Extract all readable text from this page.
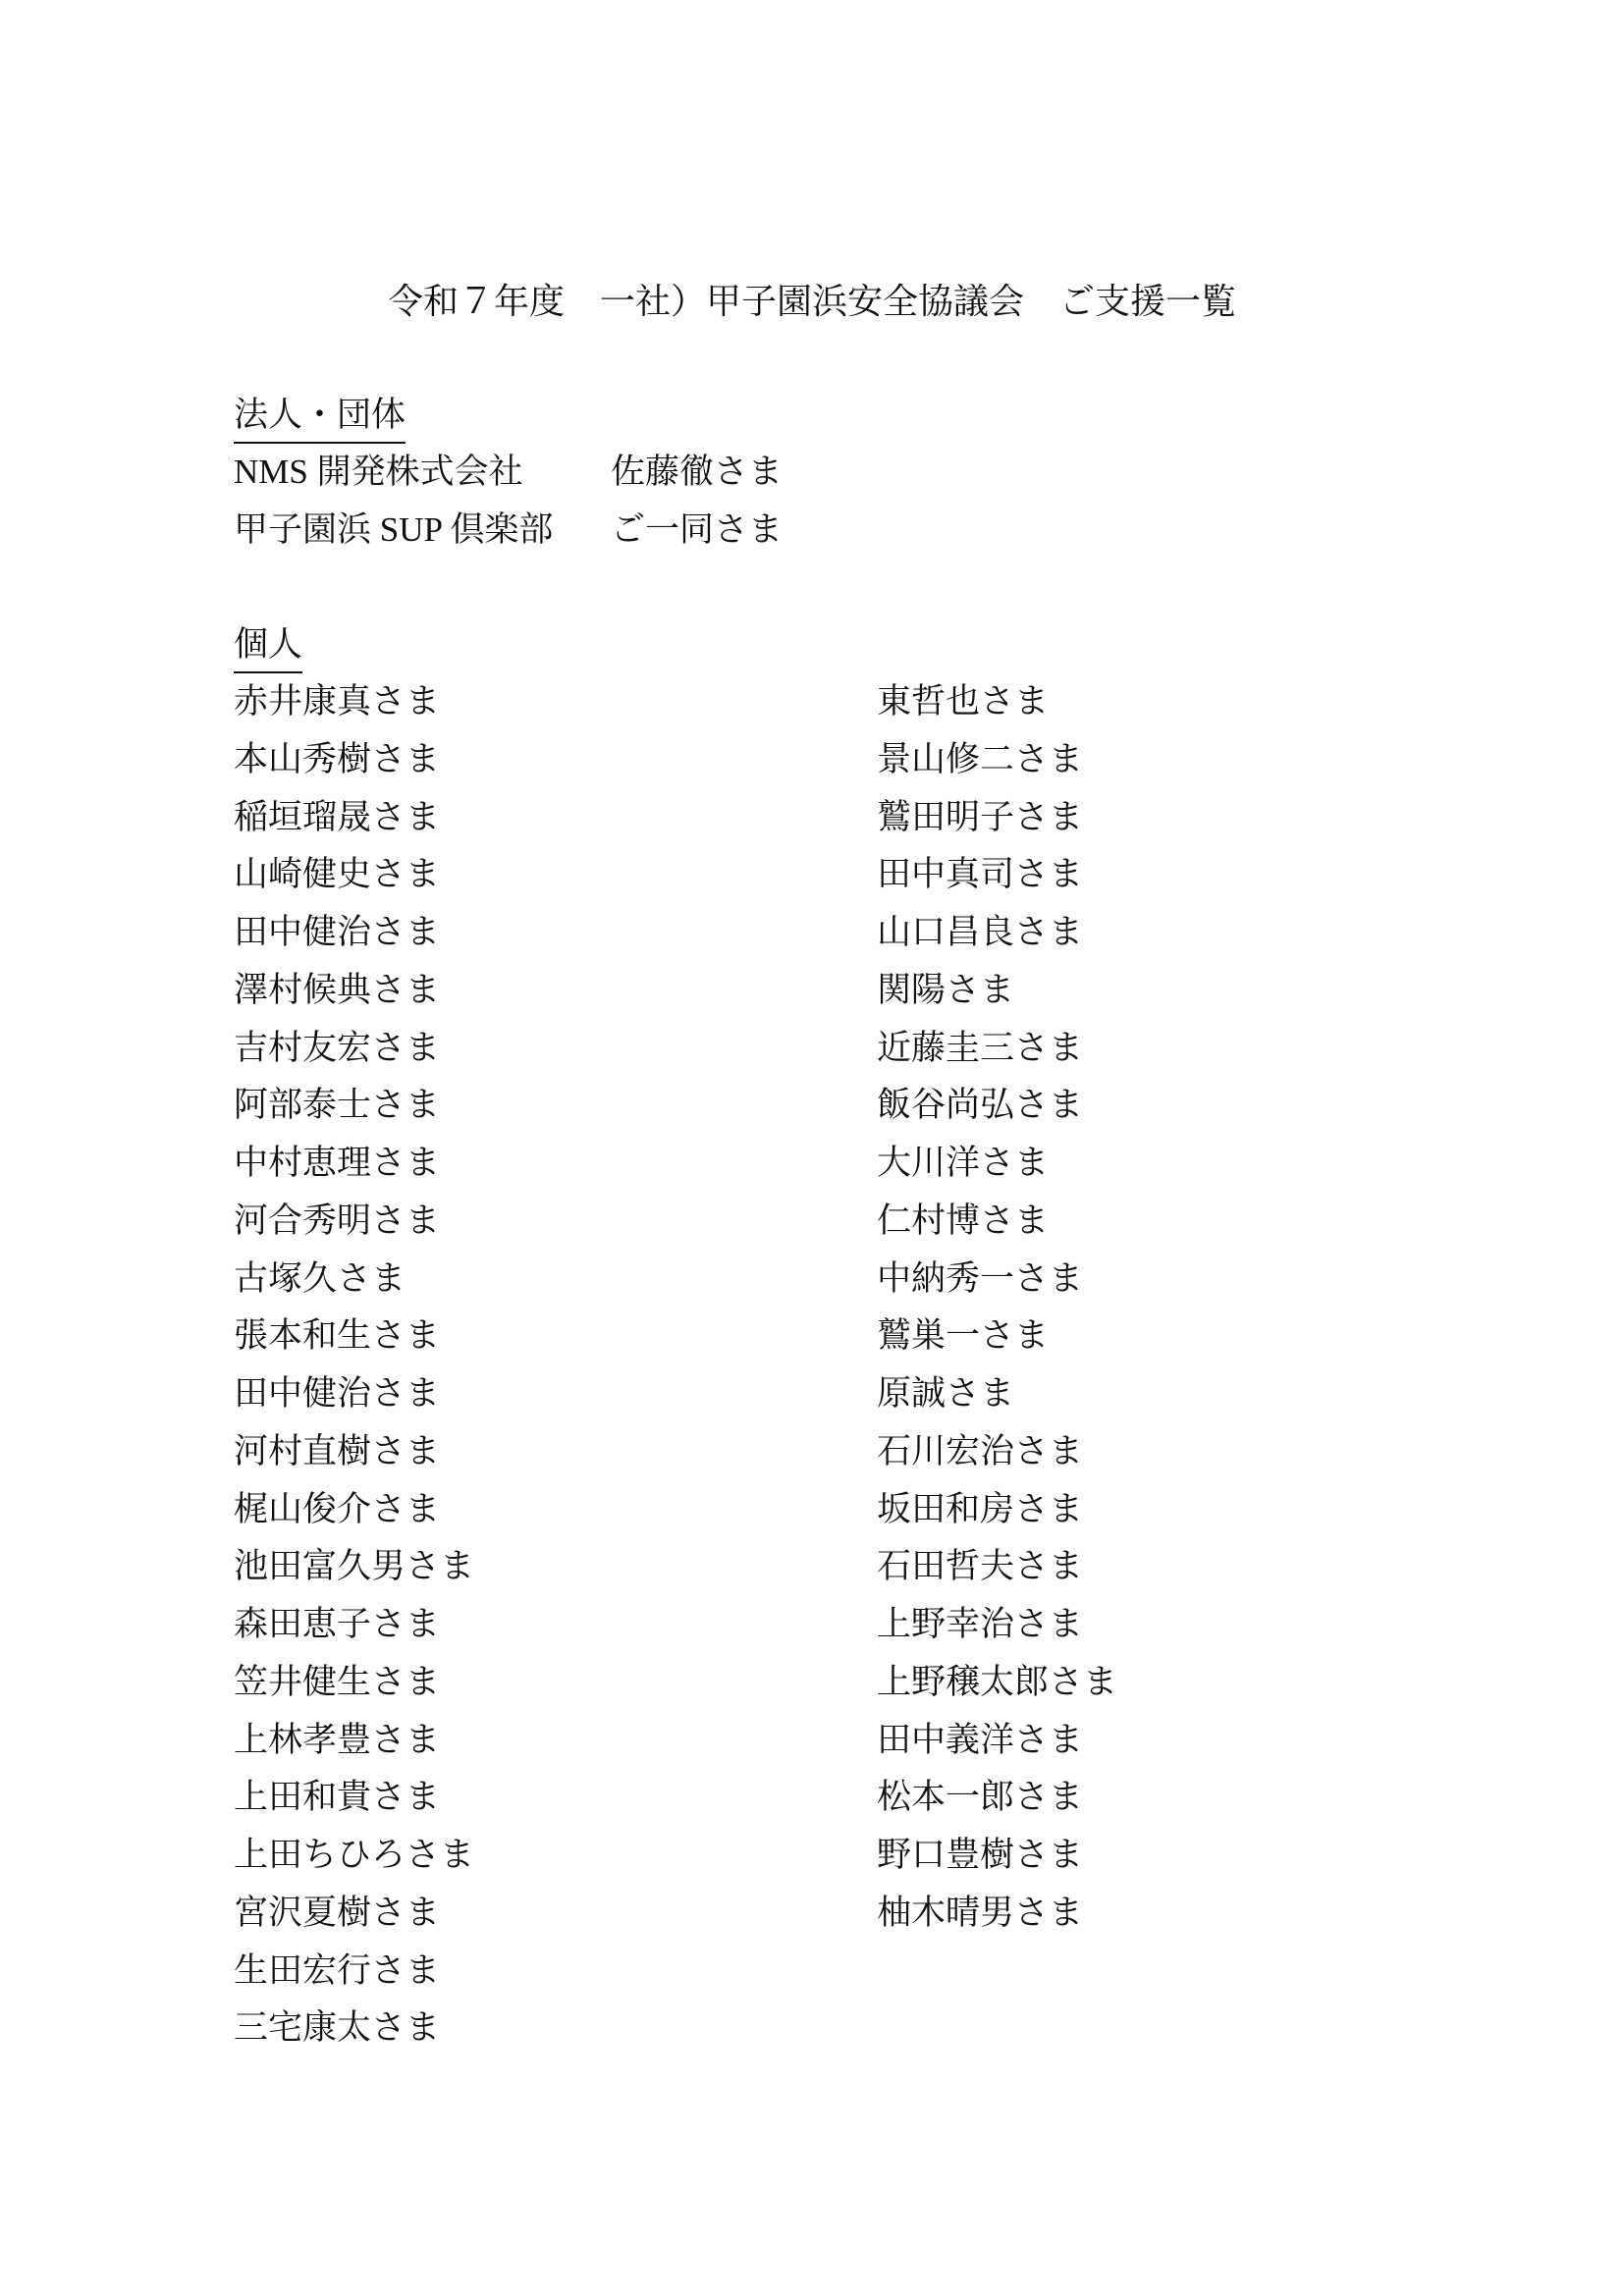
令和７年度　一社）甲子園浜安全協議会　ご支援一覧
法人・団体
NMS 開発株式会社	佐藤徹さま
甲子園浜 SUP 倶楽部 ご一同さま
個人
赤井康真さま
本山秀樹さま
稲垣瑠晟さま
山崎健史さま
田中健治さま
澤村候典さま
吉村友宏さま
阿部泰士さま
中村恵理さま
河合秀明さま
古塚久さま
張本和生さま
田中健治さま
河村直樹さま
梶山俊介さま
池田富久男さま
森田恵子さま
笠井健生さま
上林孝豊さま
上田和貴さま
上田ちひろさま
宮沢夏樹さま
生田宏行さま
三宅康太さま
東哲也さま
景山修二さま
鷲田明子さま
田中真司さま
山口昌良さま
関陽さま
近藤圭三さま
飯谷尚弘さま
大川洋さま
仁村博さま
中納秀一さま
鷲巣一さま
原誠さま
石川宏治さま
坂田和房さま
石田哲夫さま
上野幸治さま
上野穣太郎さま
田中義洋さま
松本一郎さま
野口豊樹さま
柚木晴男さま
